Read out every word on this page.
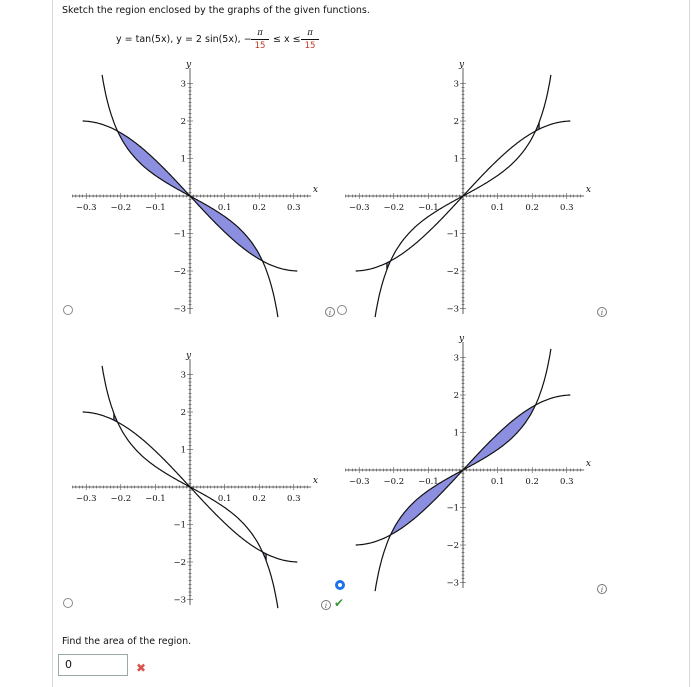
Sketch the region enclosed by the graphs of the given functions.
y = tan(5x), y = 2 sin(5x), −
π
15
≤ x ≤
π
15
−0.3 −0.2 −0.1	0.1 0.2 0.3
3
2
1
−1
−2
−3
x
y
−0.3 −0.2 −0.1	0.1 0.2 0.3
3
2
1
−1
−2
−3
x
y
−0.3 −0.2 −0.1	0.1 0.2 0.3
3
2
1
−1
−2
−3
x
y
−0.3 −0.2 −0.1	0.1 0.2 0.3
3
2
1
−1
−2
−3
x
y
i	i
i
i ✔
Find the area of the region.
0	✖
